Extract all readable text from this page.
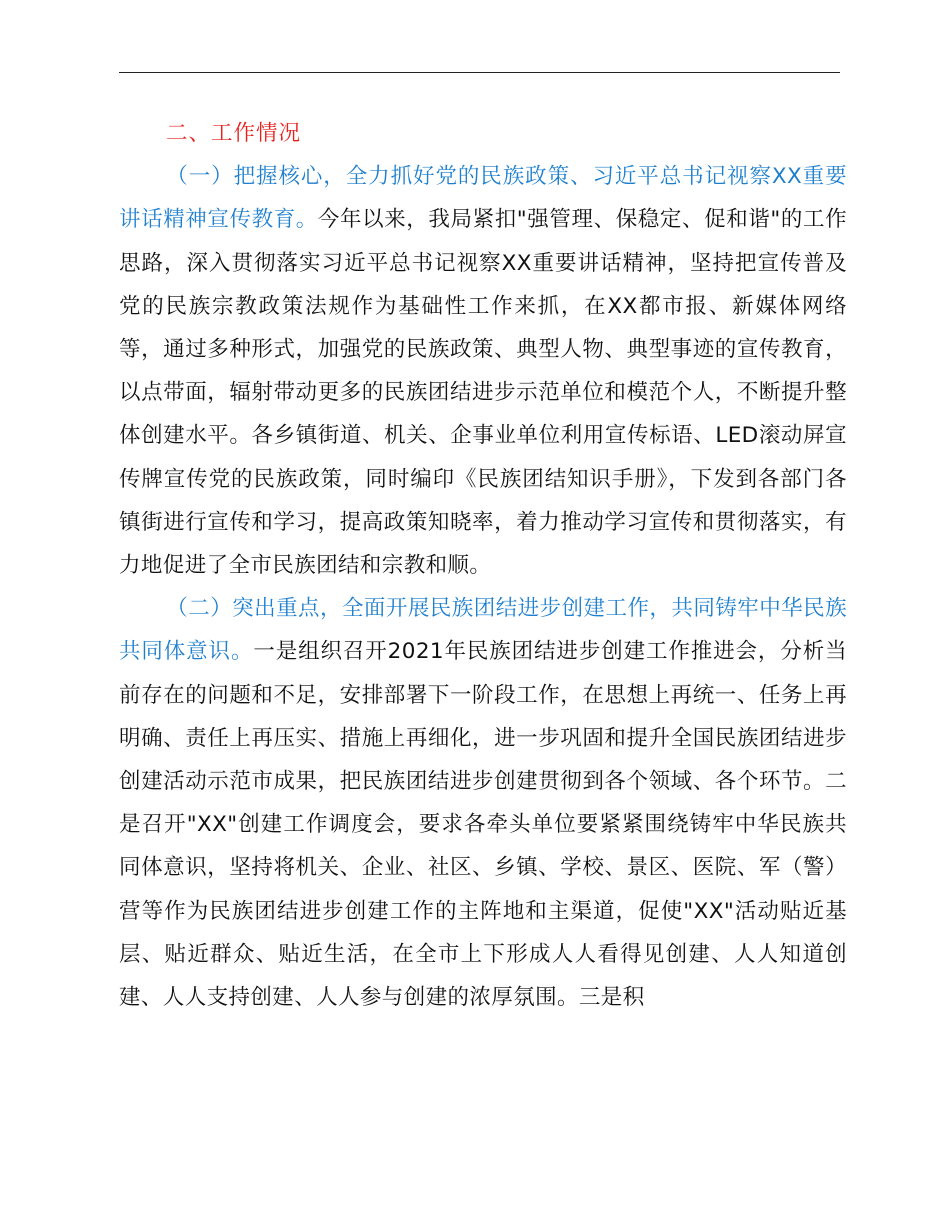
二、工作情况

（一）把握核心，全力抓好党的民族政策、习近平总书记视察XX重要讲话精神宣传教育。今年以来，我局紧扣"强管理、保稳定、促和谐"的工作思路，深入贯彻落实习近平总书记视察XX重要讲话精神，坚持把宣传普及党的民族宗教政策法规作为基础性工作来抓，在XX都市报、新媒体网络等，通过多种形式，加强党的民族政策、典型人物、典型事迹的宣传教育，以点带面，辐射带动更多的民族团结进步示范单位和模范个人，不断提升整体创建水平。各乡镇街道、机关、企事业单位利用宣传标语、LED滚动屏宣传牌宣传党的民族政策，同时编印《民族团结知识手册》，下发到各部门各镇街进行宣传和学习，提高政策知晓率，着力推动学习宣传和贯彻落实，有力地促进了全市民族团结和宗教和顺。

（二）突出重点，全面开展民族团结进步创建工作，共同铸牢中华民族共同体意识。一是组织召开2021年民族团结进步创建工作推进会，分析当前存在的问题和不足，安排部署下一阶段工作，在思想上再统一、任务上再明确、责任上再压实、措施上再细化，进一步巩固和提升全国民族团结进步创建活动示范市成果，把民族团结进步创建贯彻到各个领域、各个环节。二是召开"XX"创建工作调度会，要求各牵头单位要紧紧围绕铸牢中华民族共同体意识，坚持将机关、企业、社区、乡镇、学校、景区、医院、军（警）营等作为民族团结进步创建工作的主阵地和主渠道，促使"XX"活动贴近基层、贴近群众、贴近生活，在全市上下形成人人看得见创建、人人知道创建、人人支持创建、人人参与创建的浓厚氛围。三是积
